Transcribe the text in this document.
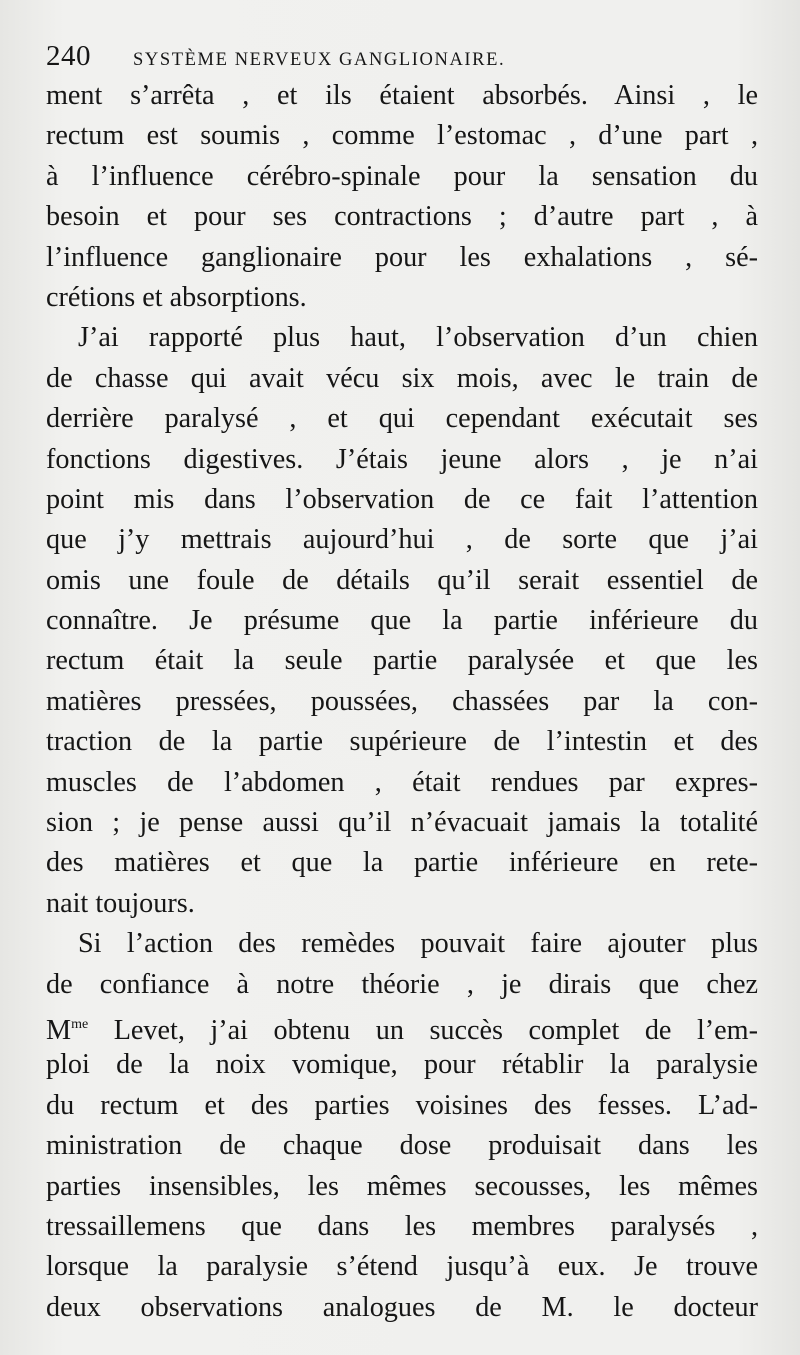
240 SYSTÈME NERVEUX GANGLIONAIRE.
ment s’arrêta , et ils étaient absorbés. Ainsi , le
rectum est soumis , comme l’estomac , d’une part ,
à l’influence cérébro-spinale pour la sensation du
besoin et pour ses contractions ; d’autre part , à
l’influence ganglionaire pour les exhalations , sé-
crétions et absorptions.
J’ai rapporté plus haut, l’observation d’un chien
de chasse qui avait vécu six mois, avec le train de
derrière paralysé , et qui cependant exécutait ses
fonctions digestives. J’étais jeune alors , je n’ai
point mis dans l’observation de ce fait l’attention
que j’y mettrais aujourd’hui , de sorte que j’ai
omis une foule de détails qu’il serait essentiel de
connaître. Je présume que la partie inférieure du
rectum était la seule partie paralysée et que les
matières pressées, poussées, chassées par la con-
traction de la partie supérieure de l’intestin et des
muscles de l’abdomen , était rendues par expres-
sion ; je pense aussi qu’il n’évacuait jamais la totalité
des matières et que la partie inférieure en rete-
nait toujours.
Si l’action des remèdes pouvait faire ajouter plus
de confiance à notre théorie , je dirais que chez
$M^{me}$ Levet, j’ai obtenu un succès complet de l’em-
ploi de la noix vomique, pour rétablir la paralysie
du rectum et des parties voisines des fesses. L’ad-
ministration de chaque dose produisait dans les
parties insensibles, les mêmes secousses, les mêmes
tressaillemens que dans les membres paralysés ,
lorsque la paralysie s’étend jusqu’à eux. Je trouve
deux observations analogues de M. le docteur
